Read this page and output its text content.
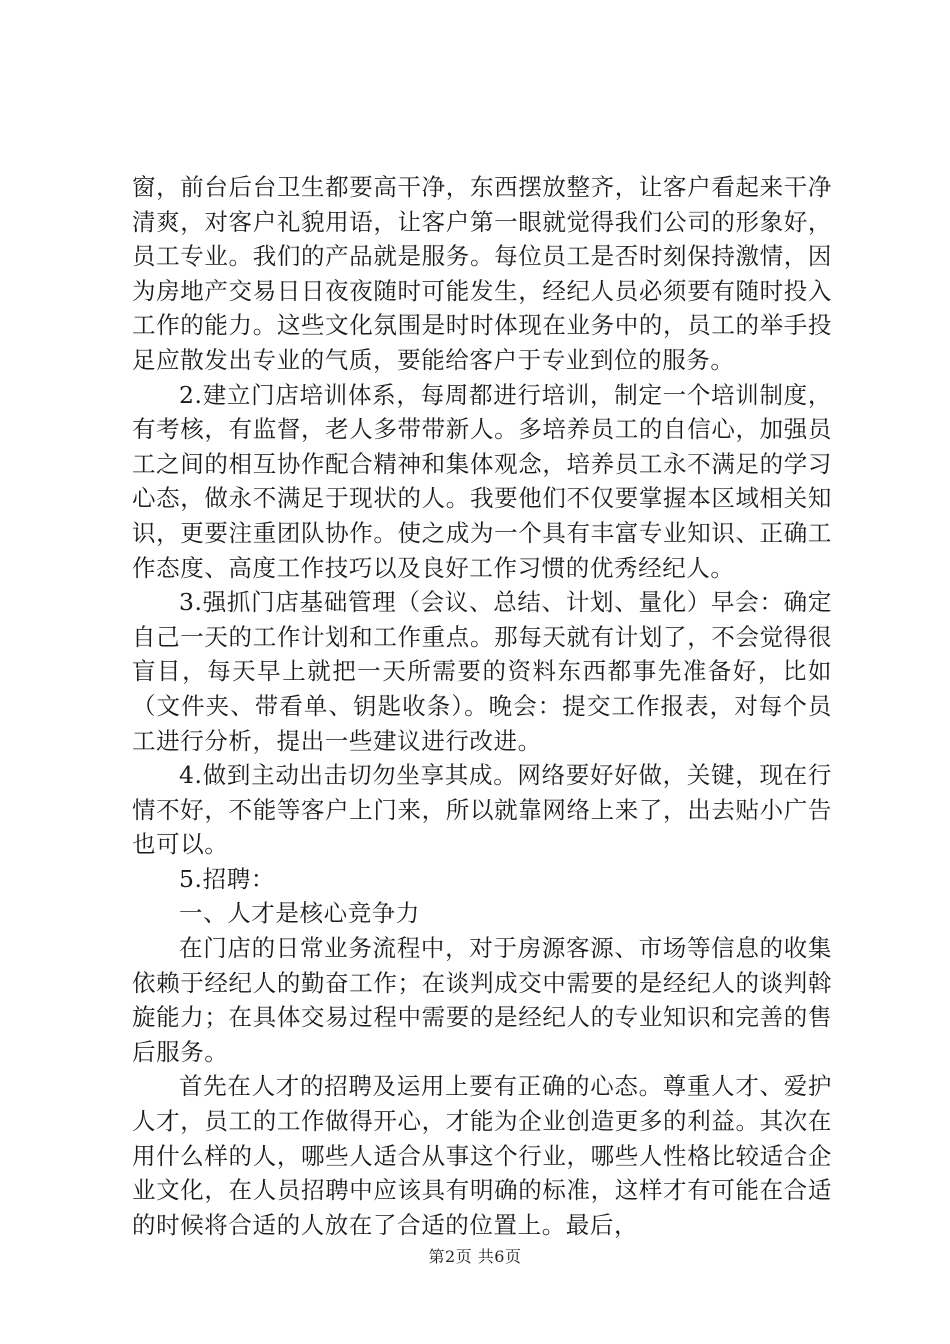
窗，前台后台卫生都要高干净，东西摆放整齐，让客户看起来干净清爽，对客户礼貌用语，让客户第一眼就觉得我们公司的形象好，员工专业。我们的产品就是服务。每位员工是否时刻保持激情，因为房地产交易日日夜夜随时可能发生，经纪人员必须要有随时投入工作的能力。这些文化氛围是时时体现在业务中的，员工的举手投足应散发出专业的气质，要能给客户于专业到位的服务。

2.建立门店培训体系，每周都进行培训，制定一个培训制度，有考核，有监督，老人多带带新人。多培养员工的自信心，加强员工之间的相互协作配合精神和集体观念，培养员工永不满足的学习心态，做永不满足于现状的人。我要他们不仅要掌握本区域相关知识，更要注重团队协作。使之成为一个具有丰富专业知识、正确工作态度、高度工作技巧以及良好工作习惯的优秀经纪人。

3.强抓门店基础管理（会议、总结、计划、量化）早会：确定自己一天的工作计划和工作重点。那每天就有计划了，不会觉得很盲目，每天早上就把一天所需要的资料东西都事先准备好，比如（文件夹、带看单、钥匙收条）。晚会：提交工作报表，对每个员工进行分析，提出一些建议进行改进。

4.做到主动出击切勿坐享其成。网络要好好做，关键，现在行情不好，不能等客户上门来，所以就靠网络上来了，出去贴小广告也可以。

5.招聘：

一、人才是核心竞争力

在门店的日常业务流程中，对于房源客源、市场等信息的收集依赖于经纪人的勤奋工作；在谈判成交中需要的是经纪人的谈判斡旋能力；在具体交易过程中需要的是经纪人的专业知识和完善的售后服务。

首先在人才的招聘及运用上要有正确的心态。尊重人才、爱护人才，员工的工作做得开心，才能为企业创造更多的利益。其次在用什么样的人，哪些人适合从事这个行业，哪些人性格比较适合企业文化，在人员招聘中应该具有明确的标准，这样才有可能在合适的时候将合适的人放在了合适的位置上。最后，

第2页 共6页
